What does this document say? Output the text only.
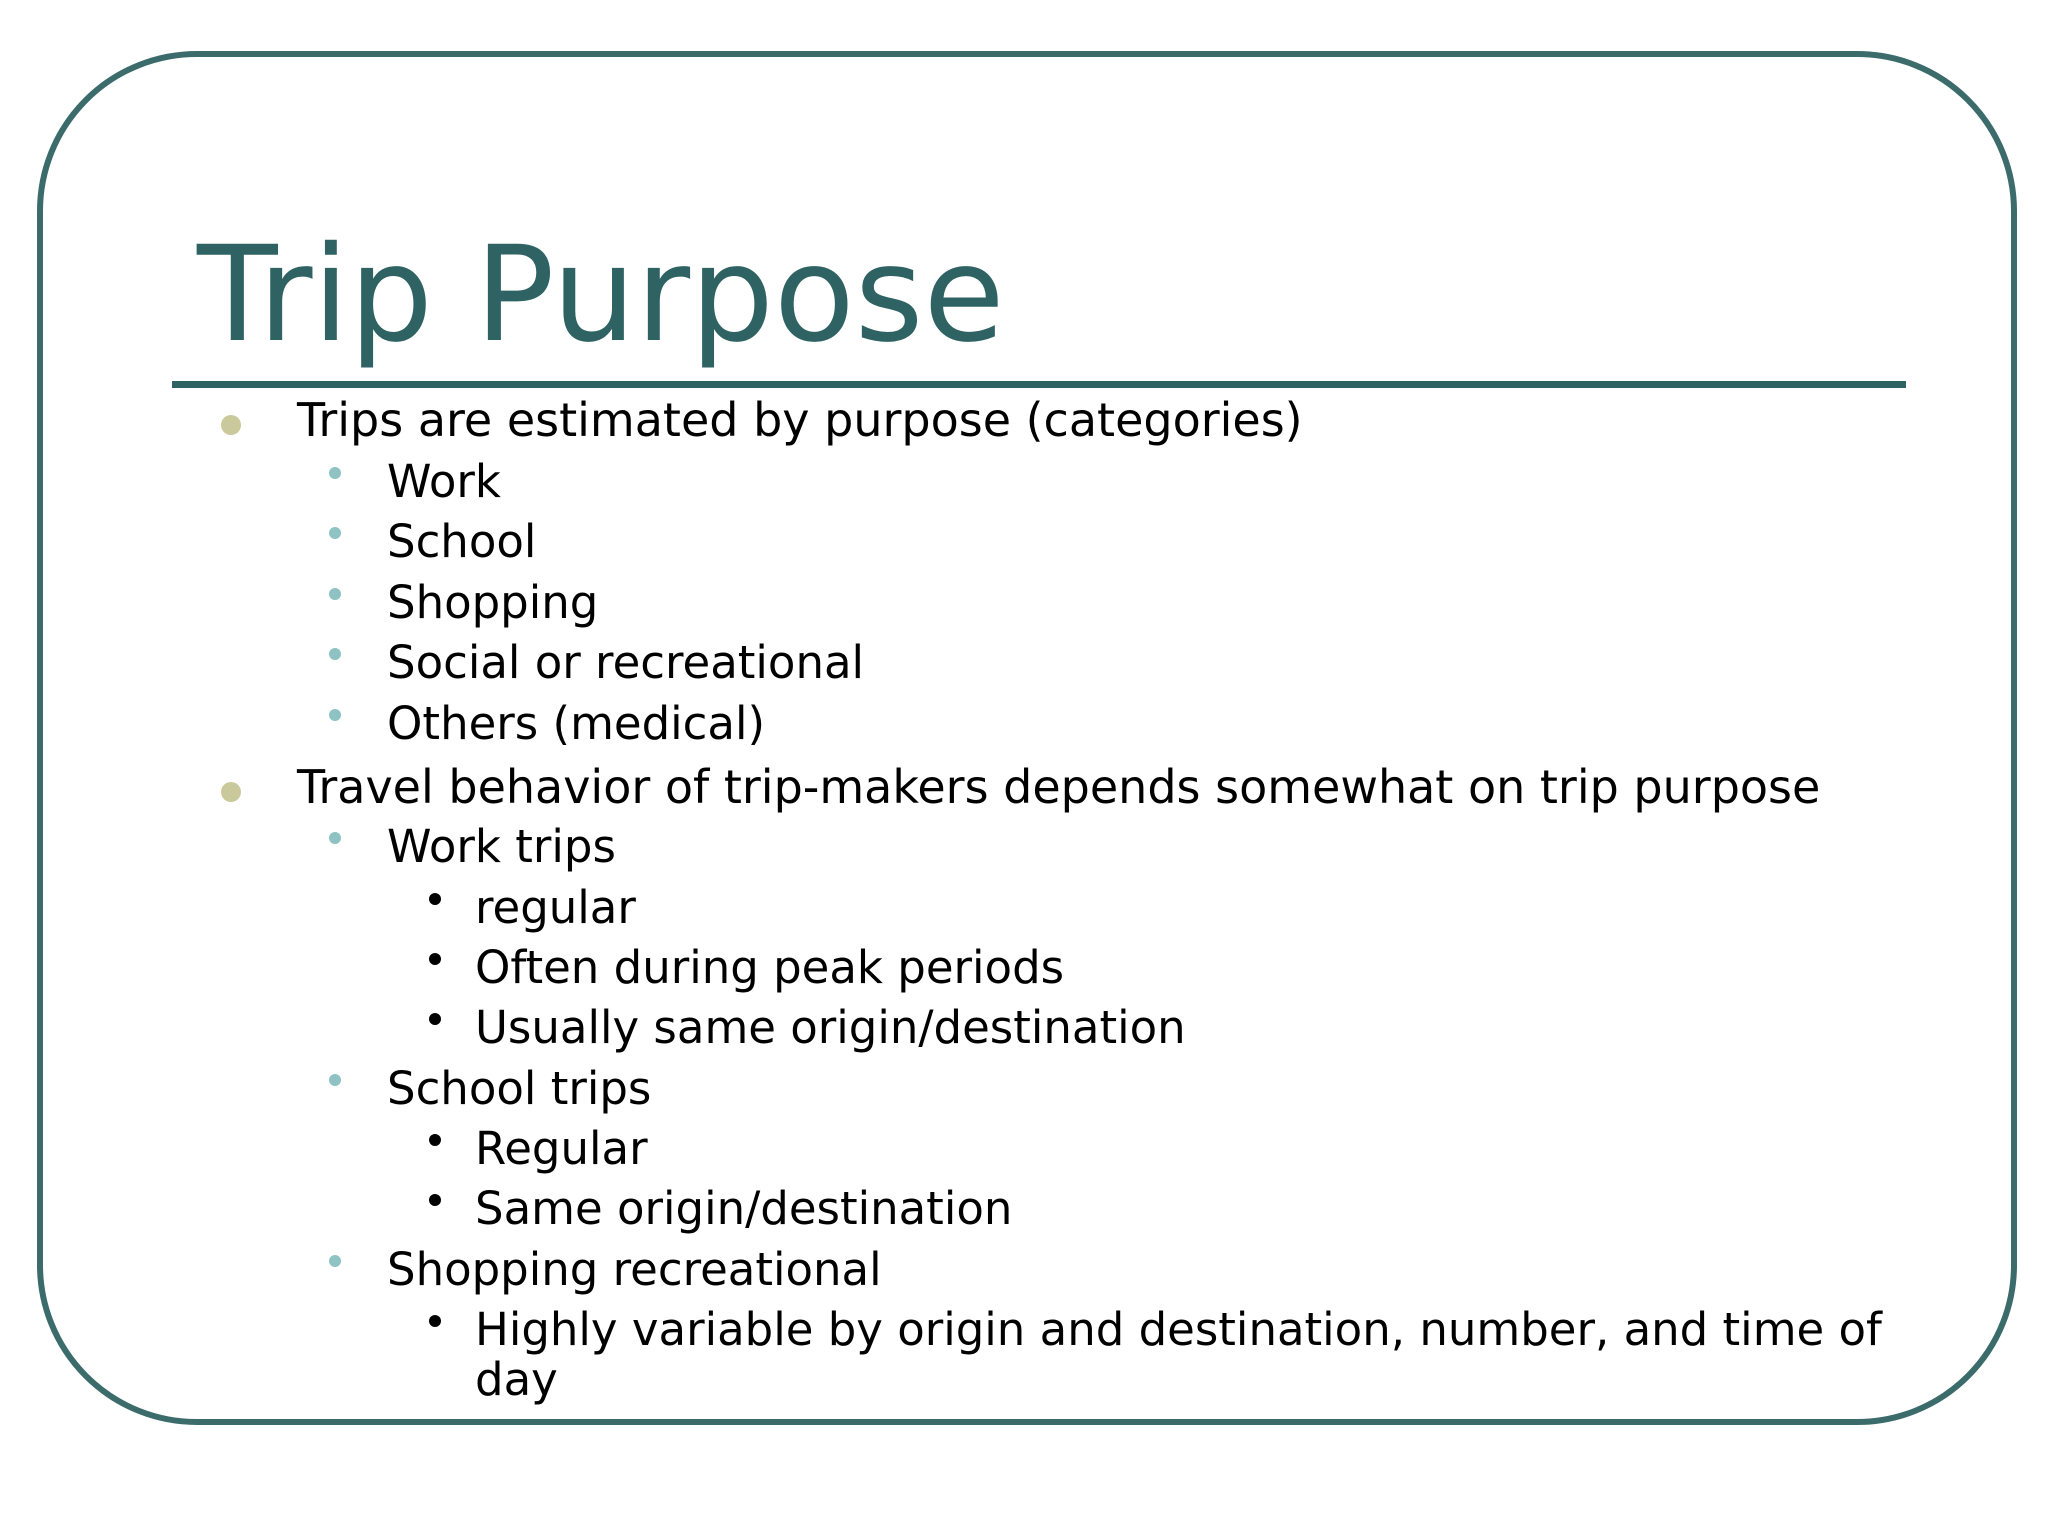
Trip Purpose
Trips are estimated by purpose (categories)
Work
School
Shopping
Social or recreational
Others (medical)
Travel behavior of trip-makers depends somewhat on trip purpose
Work trips
regular
Often during peak periods
Usually same origin/destination
School trips
Regular
Same origin/destination
Shopping recreational
Highly variable by origin and destination, number, and time of
day
